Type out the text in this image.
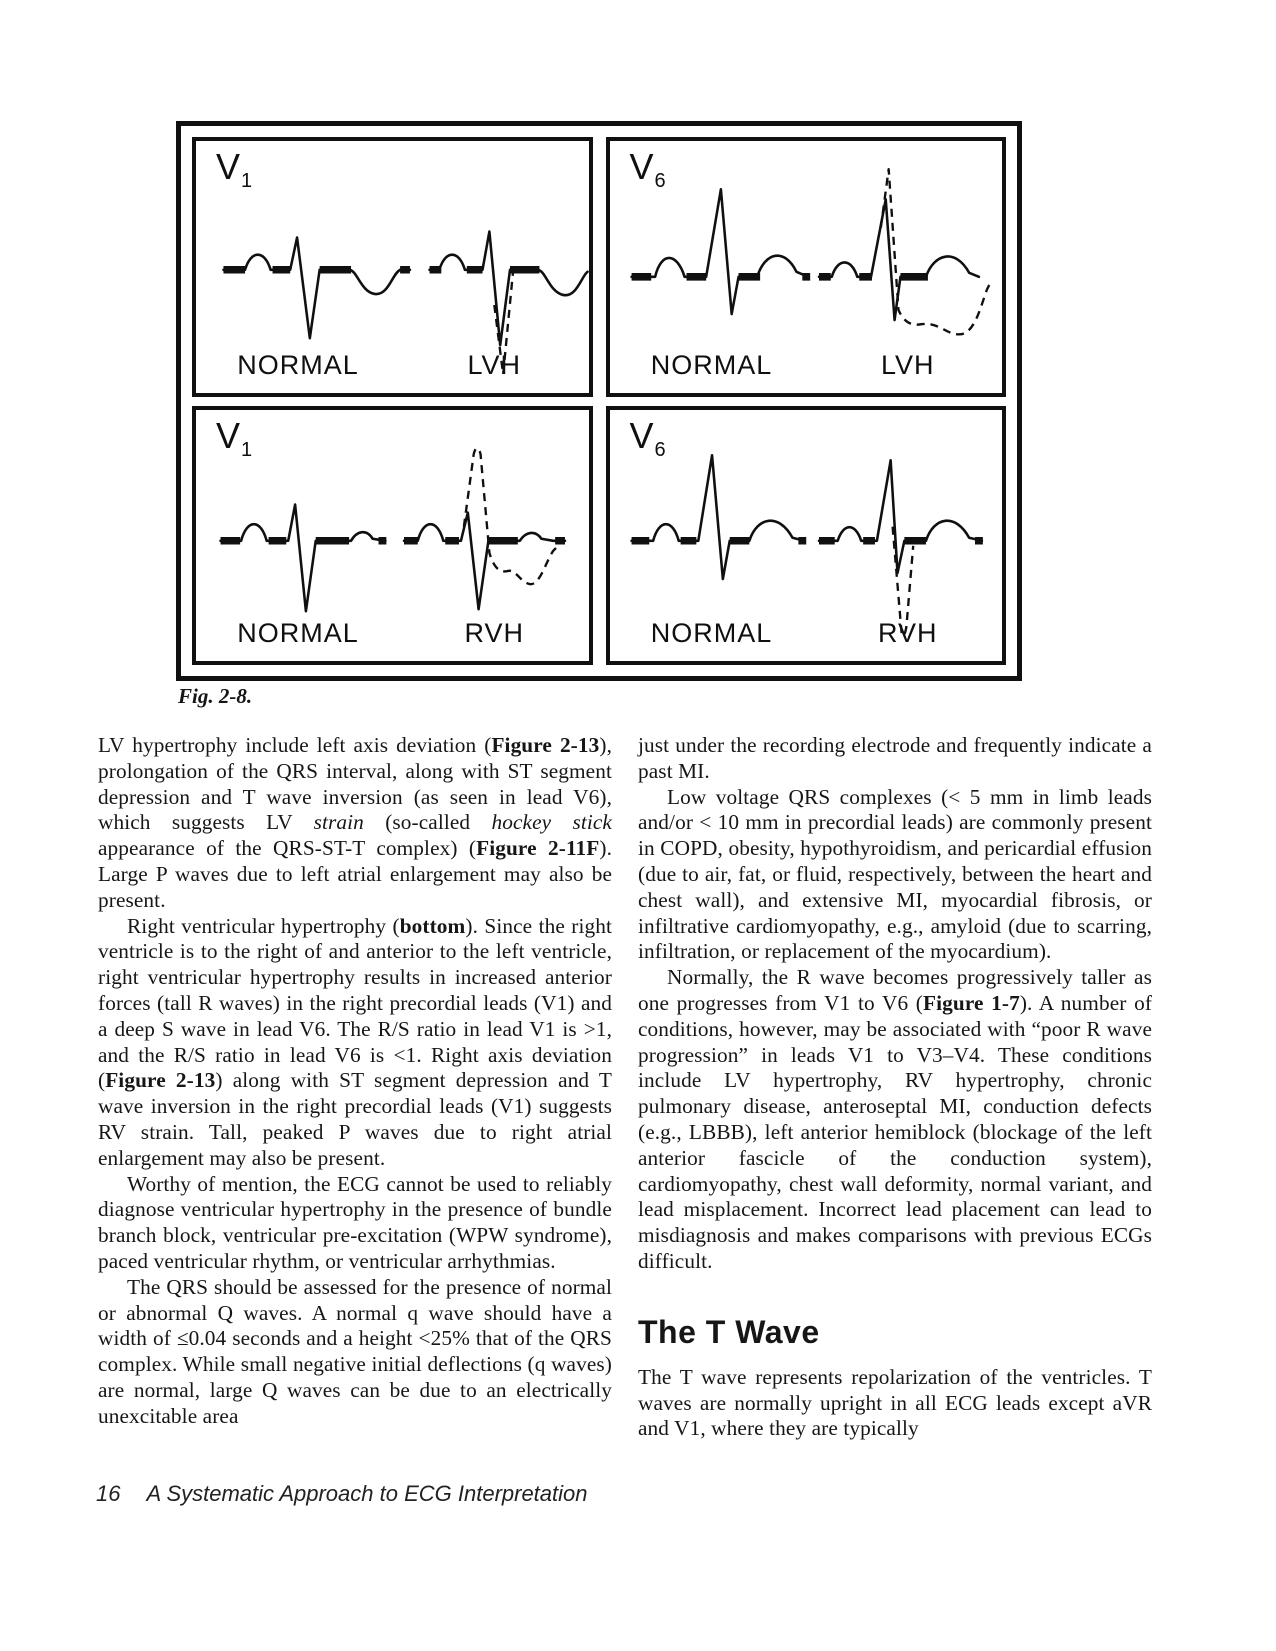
$V_1$
NORMAL	LVH
$V_6$
NORMAL	LVH
$V_1$
NORMAL	RVH
$V_6$
NORMAL	RVH
Fig. 2-8.

LV hypertrophy include left axis deviation (Figure 2-13), prolongation of the QRS interval, along with ST segment depression and T wave inversion (as seen in lead V6), which suggests LV strain (so-called hockey stick appearance of the QRS-ST-T complex) (Figure 2-11F). Large P waves due to left atrial enlargement may also be present.

Right ventricular hypertrophy (bottom). Since the right ventricle is to the right of and anterior to the left ventricle, right ventricular hypertrophy results in increased anterior forces (tall R waves) in the right precordial leads (V1) and a deep S wave in lead V6. The R/S ratio in lead V1 is >1, and the R/S ratio in lead V6 is <1. Right axis deviation (Figure 2-13) along with ST segment depression and T wave inversion in the right precordial leads (V1) suggests RV strain. Tall, peaked P waves due to right atrial enlargement may also be present.

Worthy of mention, the ECG cannot be used to reliably diagnose ventricular hypertrophy in the presence of bundle branch block, ventricular pre-excitation (WPW syndrome), paced ventricular rhythm, or ventricular arrhythmias.

The QRS should be assessed for the presence of normal or abnormal Q waves. A normal q wave should have a width of ≤0.04 seconds and a height <25% that of the QRS complex. While small negative initial deflections (q waves) are normal, large Q waves can be due to an electrically unexcitable area

just under the recording electrode and frequently indicate a past MI.

Low voltage QRS complexes (< 5 mm in limb leads and/or < 10 mm in precordial leads) are commonly present in COPD, obesity, hypothyroidism, and pericardial effusion (due to air, fat, or fluid, respectively, between the heart and chest wall), and extensive MI, myocardial fibrosis, or infiltrative cardiomyopathy, e.g., amyloid (due to scarring, infiltration, or replacement of the myocardium).

Normally, the R wave becomes progressively taller as one progresses from V1 to V6 (Figure 1-7). A number of conditions, however, may be associated with “poor R wave progression” in leads V1 to V3–V4. These conditions include LV hypertrophy, RV hypertrophy, chronic pulmonary disease, anteroseptal MI, conduction defects (e.g., LBBB), left anterior hemiblock (blockage of the left anterior fascicle of the conduction system), cardiomyopathy, chest wall deformity, normal variant, and lead misplacement. Incorrect lead placement can lead to misdiagnosis and makes comparisons with previous ECGs difficult.

The T Wave

The T wave represents repolarization of the ventricles. T waves are normally upright in all ECG leads except aVR and V1, where they are typically

16 A Systematic Approach to ECG Interpretation
